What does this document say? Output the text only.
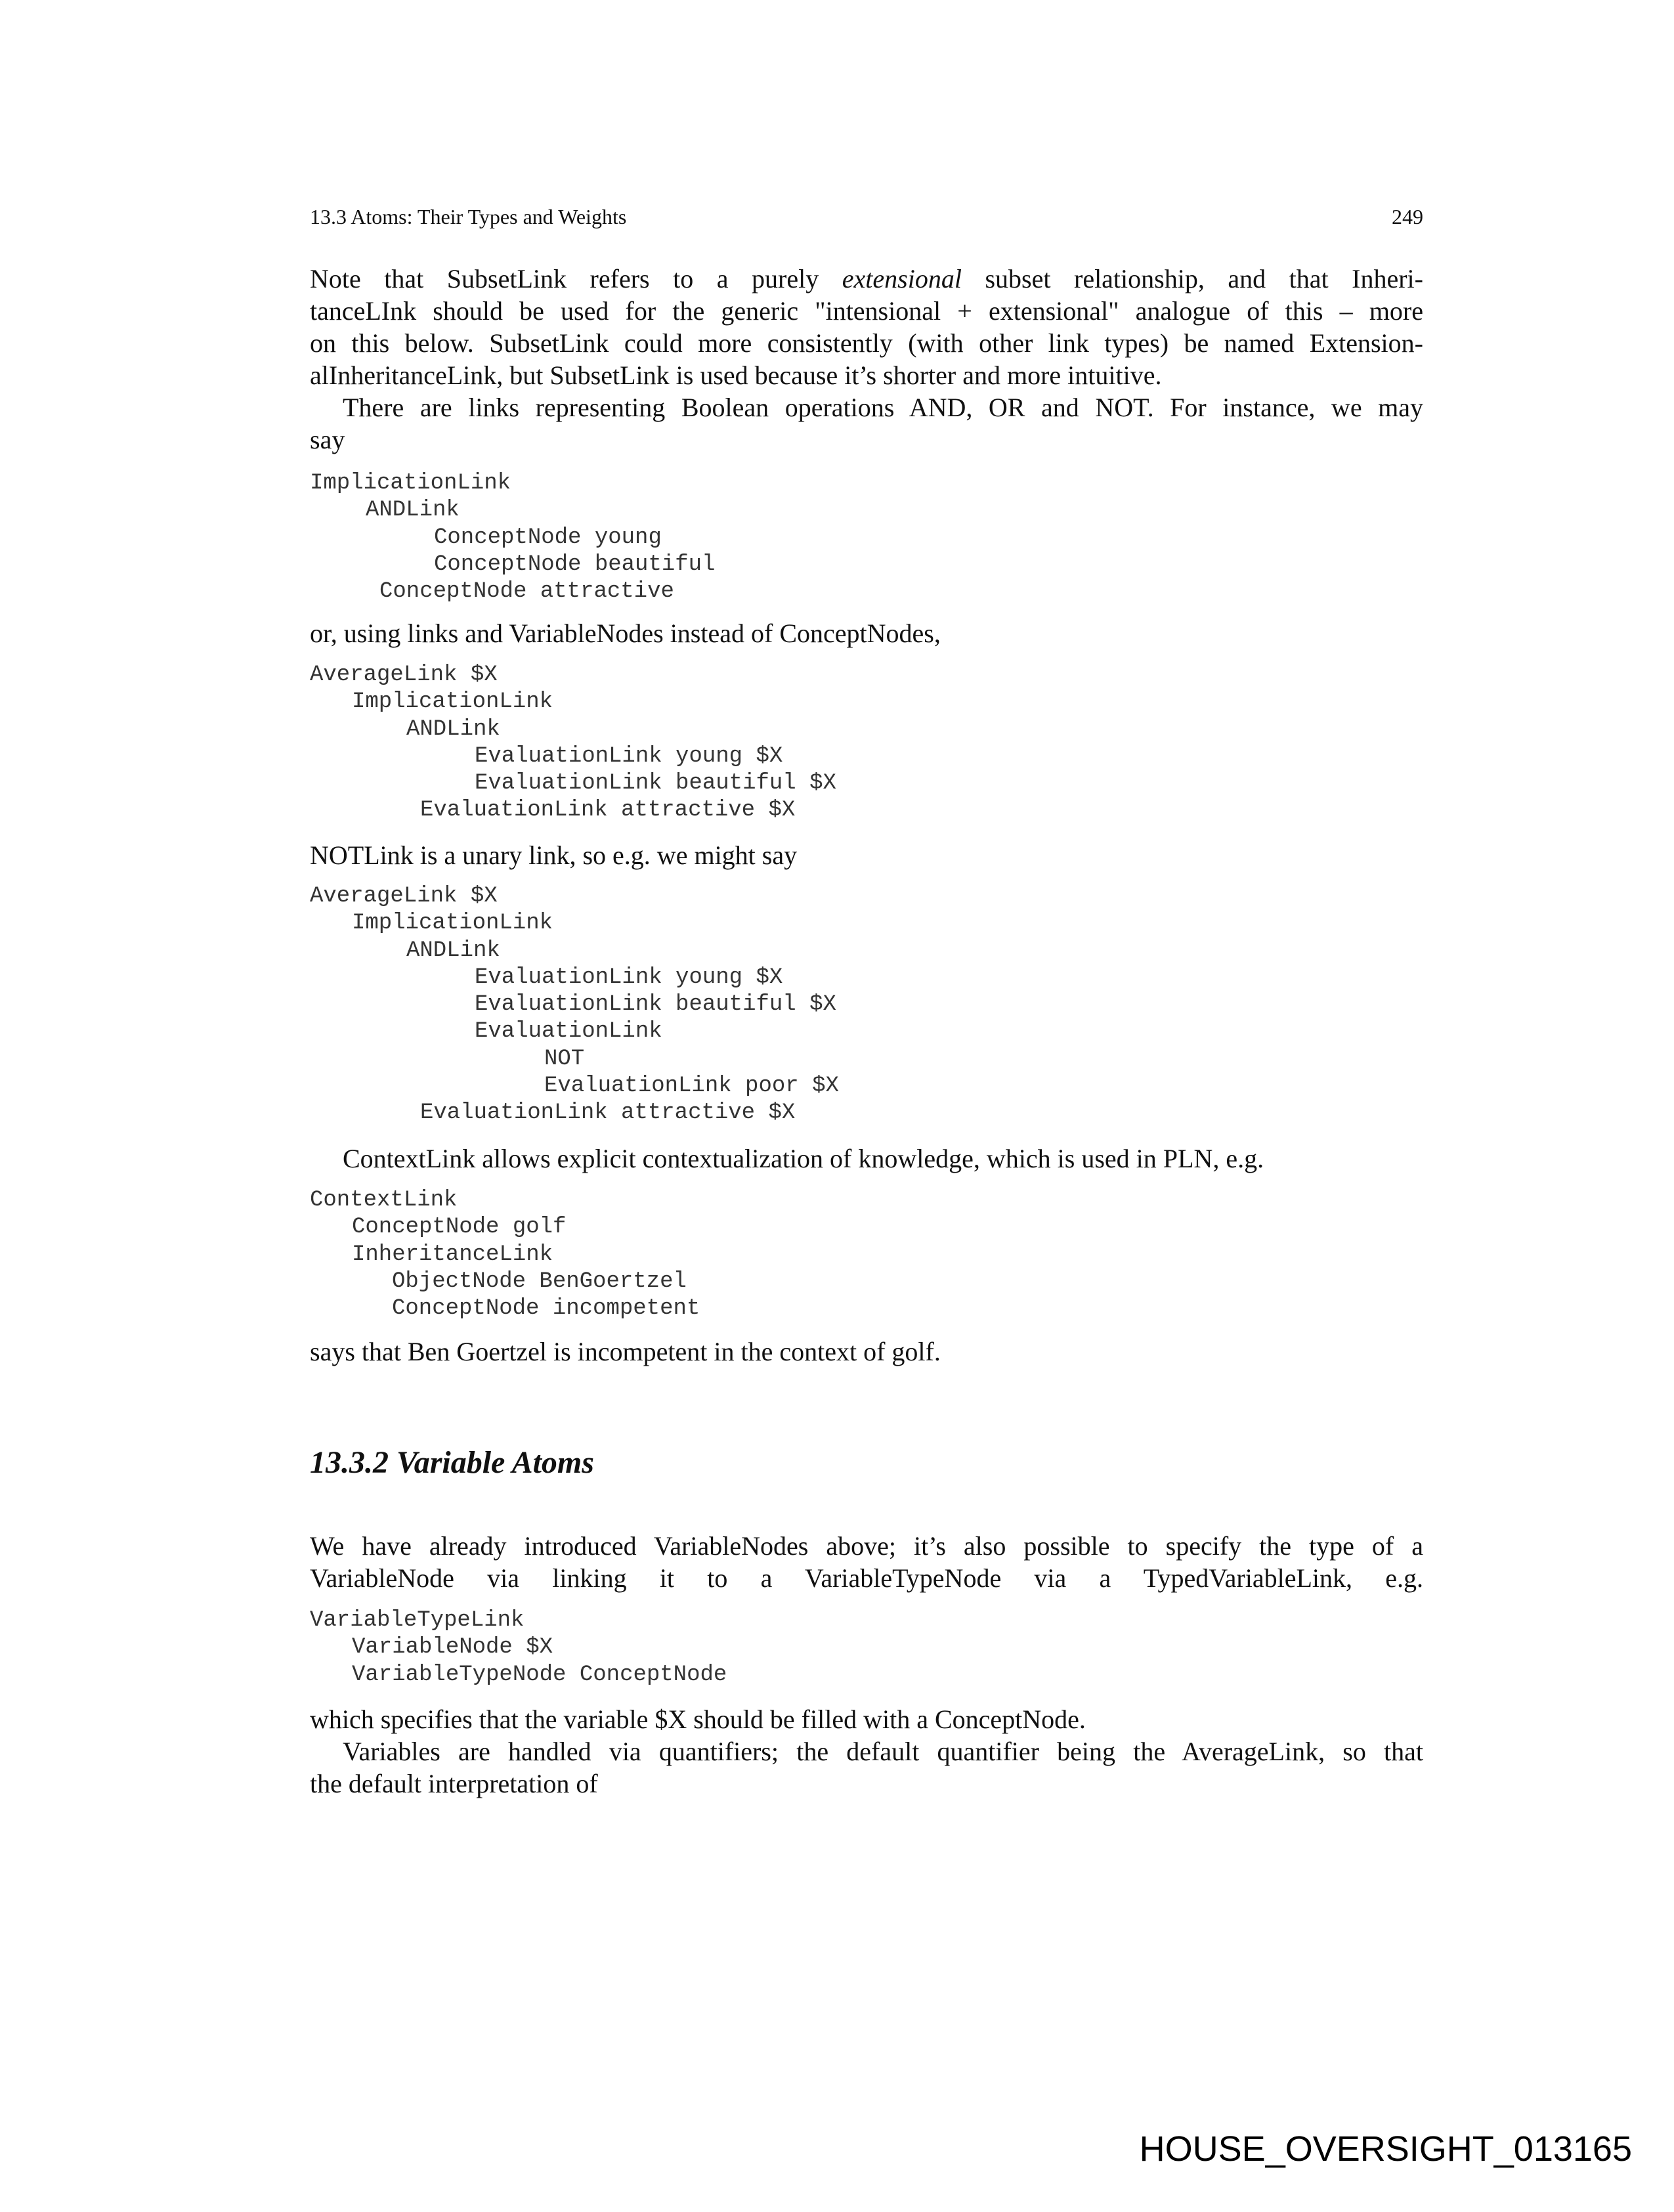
13.3 Atoms: Their Types and Weights	249
Note that SubsetLink refers to a purely extensional subset relationship, and that Inheri-
tanceLInk should be used for the generic "intensional + extensional" analogue of this – more
on this below. SubsetLink could more consistently (with other link types) be named Extension-
alInheritanceLink, but SubsetLink is used because it’s shorter and more intuitive.
There are links representing Boolean operations AND, OR and NOT. For instance, we may
say
ImplicationLink
ANDLink
ConceptNode young
ConceptNode beautiful
ConceptNode attractive
or, using links and VariableNodes instead of ConceptNodes,
AverageLink $X
ImplicationLink
ANDLink
EvaluationLink young $X
EvaluationLink beautiful $X
EvaluationLink attractive $X
NOTLink is a unary link, so e.g. we might say
AverageLink $X
ImplicationLink
ANDLink
EvaluationLink young $X
EvaluationLink beautiful $X
EvaluationLink
NOT
EvaluationLink poor $X
EvaluationLink attractive $X
ContextLink allows explicit contextualization of knowledge, which is used in PLN, e.g.
ContextLink
ConceptNode golf
InheritanceLink
ObjectNode BenGoertzel
ConceptNode incompetent
says that Ben Goertzel is incompetent in the context of golf.
13.3.2 Variable Atoms
We have already introduced VariableNodes above; it’s also possible to specify the type of a
VariableNode via linking it to a VariableTypeNode via a TypedVariableLink, e.g.
VariableTypeLink
VariableNode $X
VariableTypeNode ConceptNode
which specifies that the variable $X should be filled with a ConceptNode.
Variables are handled via quantifiers; the default quantifier being the AverageLink, so that
the default interpretation of
HOUSE_OVERSIGHT_013165
